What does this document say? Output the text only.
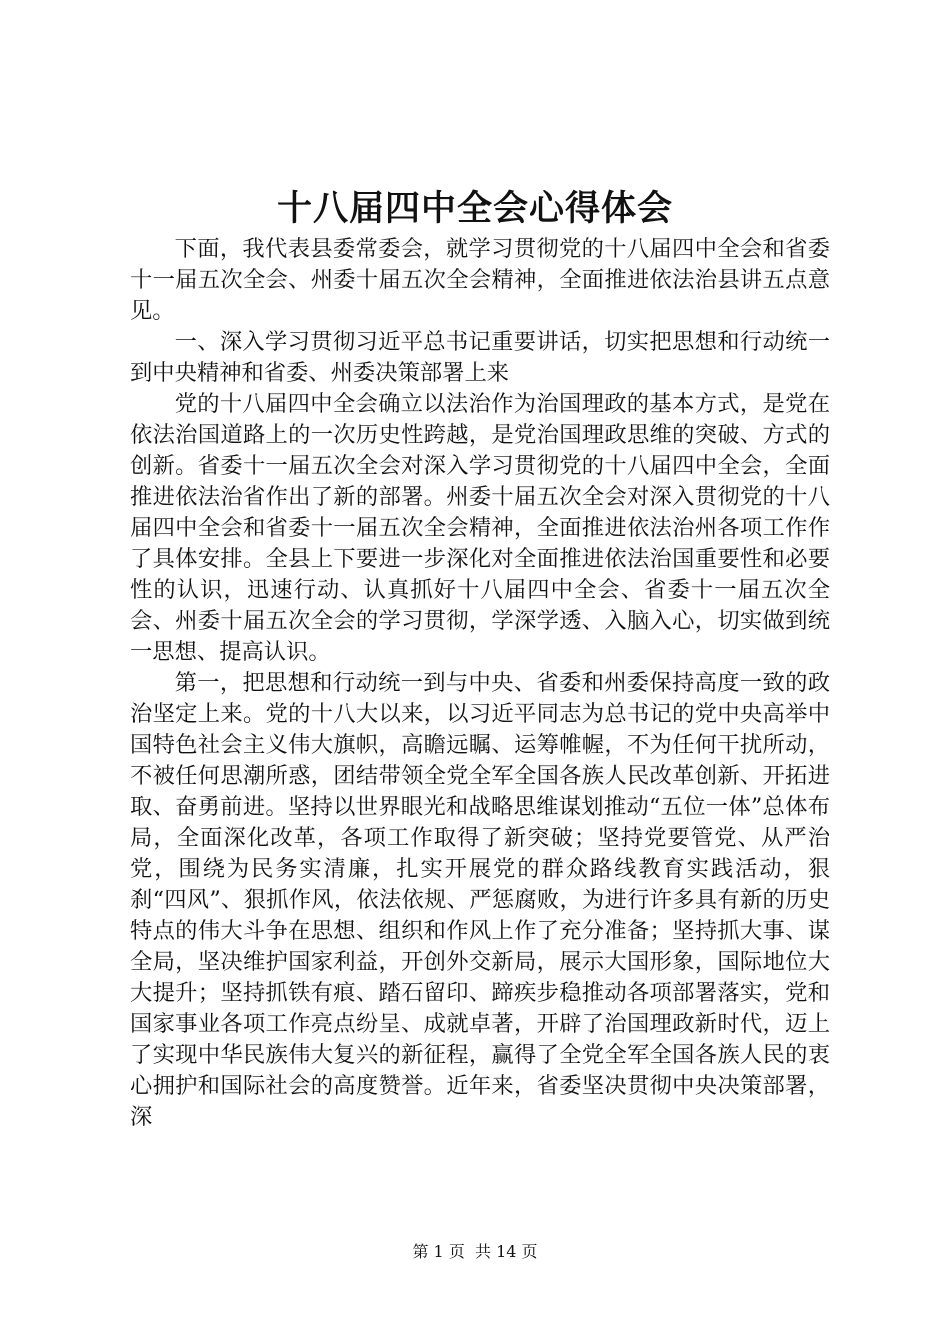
十八届四中全会心得体会

下面，我代表县委常委会，就学习贯彻党的十八届四中全会和省委十一届五次全会、州委十届五次全会精神，全面推进依法治县讲五点意见。

一、深入学习贯彻习近平总书记重要讲话，切实把思想和行动统一到中央精神和省委、州委决策部署上来

党的十八届四中全会确立以法治作为治国理政的基本方式，是党在依法治国道路上的一次历史性跨越，是党治国理政思维的突破、方式的创新。省委十一届五次全会对深入学习贯彻党的十八届四中全会，全面推进依法治省作出了新的部署。州委十届五次全会对深入贯彻党的十八届四中全会和省委十一届五次全会精神，全面推进依法治州各项工作作了具体安排。全县上下要进一步深化对全面推进依法治国重要性和必要性的认识，迅速行动、认真抓好十八届四中全会、省委十一届五次全会、州委十届五次全会的学习贯彻，学深学透、入脑入心，切实做到统一思想、提高认识。

第一，把思想和行动统一到与中央、省委和州委保持高度一致的政治坚定上来。党的十八大以来，以习近平同志为总书记的党中央高举中国特色社会主义伟大旗帜，高瞻远瞩、运筹帷幄，不为任何干扰所动，不被任何思潮所惑，团结带领全党全军全国各族人民改革创新、开拓进取、奋勇前进。坚持以世界眼光和战略思维谋划推动“五位一体”总体布局，全面深化改革，各项工作取得了新突破；坚持党要管党、从严治党，围绕为民务实清廉，扎实开展党的群众路线教育实践活动，狠刹“四风”、狠抓作风，依法依规、严惩腐败，为进行许多具有新的历史特点的伟大斗争在思想、组织和作风上作了充分准备；坚持抓大事、谋全局，坚决维护国家利益，开创外交新局，展示大国形象，国际地位大大提升；坚持抓铁有痕、踏石留印、蹄疾步稳推动各项部署落实，党和国家事业各项工作亮点纷呈、成就卓著，开辟了治国理政新时代，迈上了实现中华民族伟大复兴的新征程，赢得了全党全军全国各族人民的衷心拥护和国际社会的高度赞誉。近年来，省委坚决贯彻中央决策部署，深

第 1 页  共 14 页
